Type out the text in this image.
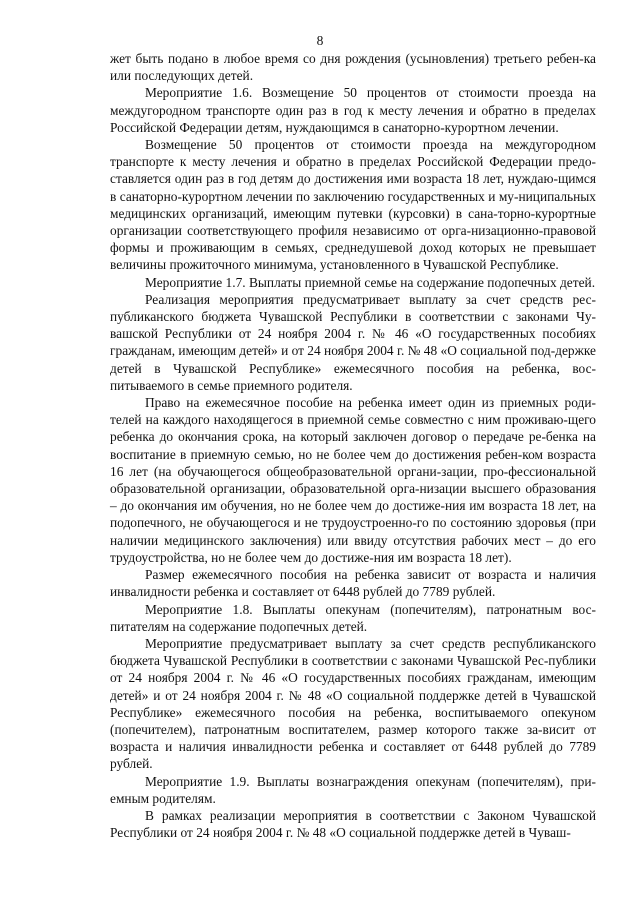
8

жет быть подано в любое время со дня рождения (усыновления) третьего ребен-ка или последующих детей.

Мероприятие 1.6. Возмещение 50 процентов от стоимости проезда на междугородном транспорте один раз в год к месту лечения и обратно в пределах Российской Федерации детям, нуждающимся в санаторно-курортном лечении.

Возмещение 50 процентов от стоимости проезда на междугородном транспорте к месту лечения и обратно в пределах Российской Федерации предо-ставляется один раз в год детям до достижения ими возраста 18 лет, нуждаю-щимся в санаторно-курортном лечении по заключению государственных и му-ниципальных медицинских организаций, имеющим путевки (курсовки) в сана-торно-курортные организации соответствующего профиля независимо от орга-низационно-правовой формы и проживающим в семьях, среднедушевой доход которых не превышает величины прожиточного минимума, установленного в Чувашской Республике.

Мероприятие 1.7. Выплаты приемной семье на содержание подопечных детей.

Реализация мероприятия предусматривает выплату за счет средств рес-публиканского бюджета Чувашской Республики в соответствии с законами Чу-вашской Республики от 24 ноября 2004 г. № 46 «О государственных пособиях гражданам, имеющим детей» и от 24 ноября 2004 г. № 48 «О социальной под-держке детей в Чувашской Республике» ежемесячного пособия на ребенка, вос-питываемого в семье приемного родителя.

Право на ежемесячное пособие на ребенка имеет один из приемных роди-телей на каждого находящегося в приемной семье совместно с ним проживаю-щего ребенка до окончания срока, на который заключен договор о передаче ре-бенка на воспитание в приемную семью, но не более чем до достижения ребен-ком возраста 16 лет (на обучающегося общеобразовательной органи-зации, про-фессиональной образовательной организации, образовательной орга-низации высшего образования – до окончания им обучения, но не более чем до достиже-ния им возраста 18 лет, на подопечного, не обучающегося и не трудоустроенно-го по состоянию здоровья (при наличии медицинского заключения) или ввиду отсутствия рабочих мест – до его трудоустройства, но не более чем до достиже-ния им возраста 18 лет).

Размер ежемесячного пособия на ребенка зависит от возраста и наличия инвалидности ребенка и составляет от 6448 рублей до 7789 рублей.

Мероприятие 1.8. Выплаты опекунам (попечителям), патронатным вос-питателям на содержание подопечных детей.

Мероприятие предусматривает выплату за счет средств республиканского бюджета Чувашской Республики в соответствии с законами Чувашской Рес-публики от 24 ноября 2004 г. № 46 «О государственных пособиях гражданам, имеющим детей» и от 24 ноября 2004 г. № 48 «О социальной поддержке детей в Чувашской Республике» ежемесячного пособия на ребенка, воспитываемого опекуном (попечителем), патронатным воспитателем, размер которого также за-висит от возраста и наличия инвалидности ребенка и составляет от 6448 рублей до 7789 рублей.

Мероприятие 1.9. Выплаты вознаграждения опекунам (попечителям), при-емным родителям.

В рамках реализации мероприятия в соответствии с Законом Чувашской Республики от 24 ноября 2004 г. № 48 «О социальной поддержке детей в Чуваш-
